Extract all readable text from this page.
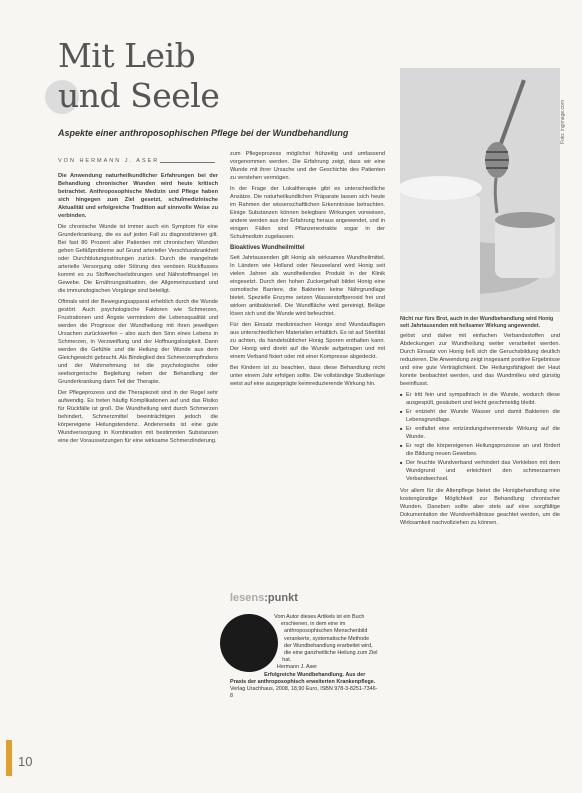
Mit Leib
und Seele
Aspekte einer anthroposophischen Pflege bei der Wundbehandlung
VON HERMANN J. ASER

Die Anwendung naturheilkundlicher Erfahrungen bei der Behandlung chronischer Wunden wird heute kritisch betrachtet. Anthroposophische Medizin und Pflege haben sich hingegen zum Ziel gesetzt, schulmedizinische Aktualität und erfolgreiche Tradition auf sinnvolle Weise zu verbinden.

Die chronische Wunde ist immer auch ein Symptom für eine Grunderkrankung, die es auf jeden Fall zu diagnostizieren gilt. Bei fast 80 Prozent aller Patienten mit chronischen Wunden gehen Gefäßprobleme auf Grund arterieller Verschlusskrankheit oder Durchblutungsstörungen zurück. Durch die mangelnde arterielle Versorgung oder Störung des venösen Rückflusses kommt es zu Stoffwechselstörungen und Nährstoffmangel im Gewebe. Die Ernährungssituation, der Allgemeinzustand und die immunologischen Vorgänge sind beteiligt.

Oftmals wird der Bewegungsapparat erheblich durch die Wunde gestört. Auch psychologische Faktoren wie Schmerzen, Frustrationen und Ängste vermindern die Lebensqualität und werden die Prognose der Wundheilung mit ihren jeweiligen Ursachen zurückwerfen – also auch den Sinn eines Lebens in Schmerzen, in Verzweiflung und der Hoffnungslosigkeit. Dann werden die Gefühle und die Heilung der Wunde aus dem Gleichgewicht gebracht. Als Bindeglied des Schmerzempfindens und der Wahrnehmung ist die psychologische oder seelsorgerische Begleitung neben der Behandlung der Grunderkrankung dann Teil der Therapie.

Der Pflegeprozess und die Therapiezeit sind in der Regel sehr aufwendig. Es treten häufig Komplikationen auf und das Risiko für Rückfälle ist groß. Die Wundheilung wird durch Schmerzen behindert, Schmerzmittel beeinträchtigen jedoch die körpereigene Heilungstendenz. Andererseits ist eine gute Wundversorgung in Kombination mit bestimmten Substanzen eine der Voraussetzungen für eine wirksame Schmerzlinderung.

zum Pflegeprozess möglichst frühzeitig und umfassend vorgenommen werden. Die Erfahrung zeigt, dass wir eine Wunde mit ihrer Ursache und der Geschichte des Patienten zu verstehen vermögen.

In der Frage der Lokaltherapie gibt es unterschiedliche Ansätze. Die naturheilkundlichen Präparate lassen sich heute im Rahmen der wissenschaftlichen Erkenntnisse betrachten. Einige Substanzen können belegbare Wirkungen vorweisen, andere werden aus der Erfahrung heraus angewendet, und in einigen Fällen sind Pflanzenextrakte sogar in der Schulmedizin zugelassen.

Bioaktives Wundheilmittel

Seit Jahrtausenden gilt Honig als wirksames Wundheilmittel. In Ländern wie Holland oder Neuseeland wird Honig seit vielen Jahren als wundheilendes Produkt in der Klinik eingesetzt. Durch den hohen Zuckergehalt bildet Honig eine osmotische Barriere, die Bakterien keine Nährgrundlage bietet. Spezielle Enzyme setzen Wasserstoffperoxid frei und wirken antibakteriell. Die Wundfläche wird gereinigt, Beläge lösen sich und die Wunde wird befeuchtet.

Für den Einsatz medizinischen Honigs sind Wundauflagen aus unterschiedlichen Materialien erhältlich. Es ist auf Sterilität zu achten, da handelsüblicher Honig Sporen enthalten kann. Der Honig wird direkt auf die Wunde aufgetragen und mit einem Verband fixiert oder mit einer Kompresse abgedeckt.

Bei Kindern ist zu beachten, dass diese Behandlung nicht unter einem Jahr erfolgen sollte. Die vollständige Studienlage weist auf eine ausgeprägte keimreduzierende Wirkung hin.

Foto: ingimage.com
Nicht nur fürs Brot, auch in der Wundbehandlung wird Honig seit Jahrtausenden mit heilsamer Wirkung angewendet.

gelöst und daher mit einfachen Verbandsstoffen und Abdeckungen zur Wundheilung weiter verarbeitet werden. Durch Einsatz von Honig ließ sich die Geruchsbildung deutlich reduzieren. Die Anwendung zeigt insgesamt positive Ergebnisse und eine gute Verträglichkeit. Die Heilungsfähigkeit der Haut konnte beobachtet werden, und das Wundmilieu wird günstig beeinflusst.

■ Er tritt fein und sympathisch in die Wunde, wodurch diese ausgespült, gesäubert und leicht geschmeidig bleibt.
■ Er entzieht der Wunde Wasser und damit Bakterien die Lebensgrundlage.
■ Er entfaltet eine entzündungshemmende Wirkung auf die Wunde.
■ Er regt die körpereigenen Heilungsprozesse an und fördert die Bildung neuen Gewebes.
■ Der feuchte Wundverband verhindert das Verkleben mit dem Wundgrund und erleichtert den schmerzarmen Verbandwechsel.

Vor allem für die Altenpflege bietet die Honigbehandlung eine kostengünstige Möglichkeit zur Behandlung chronischer Wunden. Daneben sollte aber stets auf eine sorgfältige Dokumentation der Wundverhältnisse geachtet werden, um die Wirksamkeit nachvollziehen zu können.

lesens:punkt
Vom Autor dieses Artikels ist ein Buch erschienen, in dem eine im anthroposophischen Menschenbild verankerte, systematische Methode der Wundbehandlung erarbeitet wird, die eine ganzheitliche Heilung zum Ziel hat.
Hermann J. Aser
Erfolgreiche Wundbehandlung. Aus der Praxis der anthroposophisch erweiterten Krankenpflege. Verlag Urachhaus, 2008, 18,90 Euro, ISBN 978-3-8251-7346-8
10
